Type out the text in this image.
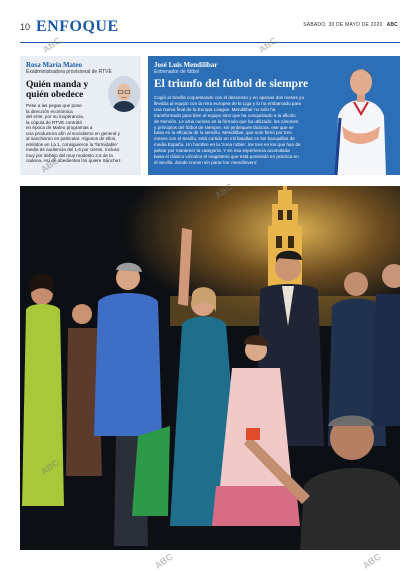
10 ENFOQUE	SÁBADO, 30 DE MAYO DE 2020 ABC
Rosa María Mateo
Exadministradora provisional de RTVE
Quién manda y quién obedece
Pese a las pegas que pone
la dirección económica
del ente, por su inoperancia,
la cúpula de RTVE contrató
en época de Mateo programas a
una productora afín al socialismo en general y
al sanchismo en particular. Algunos de ellos,
emitidos en La 1, consiguieron la 'formidable'
media de audiencia del 1,6 por ciento. Incluso
muy por debajo del muy modesto 2,6 de la
cadena. Así de obedientes los quiere Sánchez.
José Luis Mendilibar
Entrenador de fútbol
El triunfo del fútbol de siempre
Cogió al Sevilla coqueteando con el descenso y en apenas dos meses ya
llevaba al equipo con la mira europea de la Liga y lo ha embarcado para
una nueva final de la Europa League. Mendilibar no solo ha
transformado para bien al equipo sino que ha conquistado a la afición
de Nervión. Le ama curioso es la fórmula que ha utilizado: los cánones
y principios del fútbol de siempre, sin jeribeques tácticos, ese que se
basa en la eficacia de lo sencillo. Mendilibar, que solo firmó por tres
meses con el Sevilla, está curtido en mil batallas en los banquillos de
media España. Un hombre en la 'zona noble', los tres en los que han de
pelear por mantener la categoría. Y en esa experiencia acumulada
basa el clásico vizcaíno el magisterio que está poniendo en práctica en
el Sevilla, donde crecen sin parar los 'mendilovers'.
ABC	ABC
ABC
ABC
ABC
ABC	ABC
